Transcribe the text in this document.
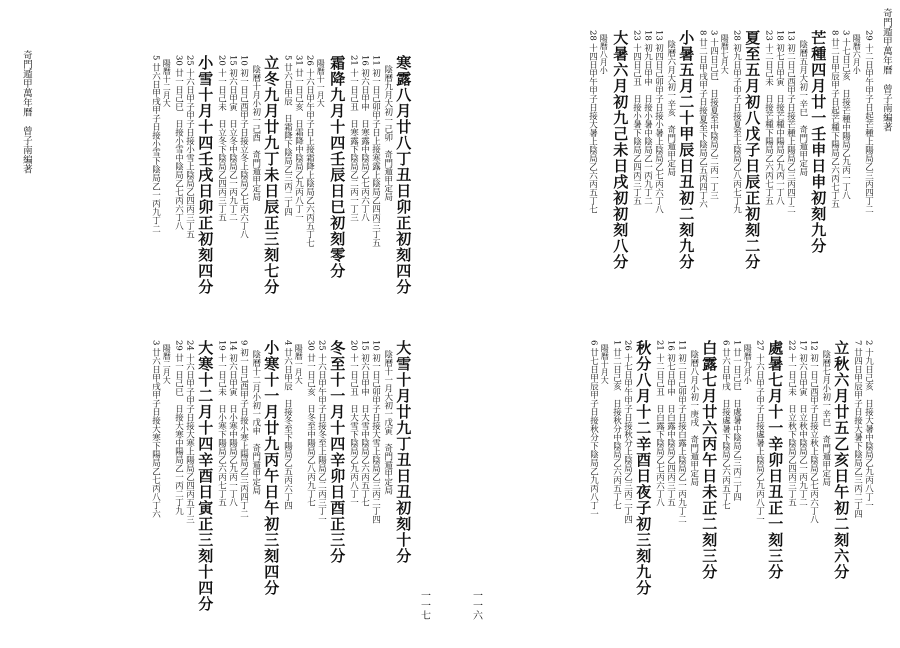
奇門遁甲萬年曆　曾子南編著
一一七
寒露八月廿八丁丑日卯正初刻四分
陰曆九月大初一己卯　奇門遁甲定局
11 初一日己卯甲子日上接寒露上陰局乙四丙三丁五
16 初六日甲申　日寒露中陰局乙七丙六丁八
21 十一日己丑　日寒露下陰局乙二丙一丁三
霜降九月十四壬辰日巳初刻零分
陽曆十一月大
26 十六日甲午甲子日上接霜降上陰局乙六丙五丁七
31 廿一日己亥　日霜降中陰局乙九丙八丁一
5 廿六日甲辰　日霜降下陰局乙三丙二丁四
立冬九月廿九丁未日辰正三刻七分
陰曆十月小初一己酉　奇門遁甲定局
10 初一日己酉甲子日接立冬上陰局乙七丙六丁八
15 初六日甲寅　日立冬中陰局乙一丙九丁二
20 十一日己未　日立冬下陰局乙四丙三丁五
小雪十月十四壬戌日卯正初刻四分
25 十六日甲子甲子日接小雪上陰局乙四丙三丁五
30 廿一日己巳　日接小雪中陰局乙七丙六丁八
陽曆十二月大
5 廿六日甲戌甲子日接小雪下陰局乙一丙九丁二
大雪十月廿九丁丑日丑初刻十分
陰曆十一月大初一戊寅　奇門遁甲定局
10 初一日己卯甲子日接大雪上陰局乙三丙二丁四
15 初六日甲申　日大雪中陰局乙六丙五丁七
20 十一日己丑　日大雪下陰局乙九丙八丁一
冬至十一月十四辛卯日酉正三分
25 十六日甲午甲子日接冬至上陽局乙二丙三丁一
30 廿一日己亥　日冬至中陽局乙八丙九丁七
陽曆一月大
4 廿六日甲辰　日接冬至下陽局乙五丙六丁四
小寒十一月廿九丙午日午初三刻四分
陰曆十二月小初一戊申　奇門遁甲定局
9 初一日己酉甲子日接小寒上陽局乙三丙四丁二
14 初六日甲寅　日小寒中陽局乙九丙一丁八
19 十一日己未　日小寒下陽局乙六丙七丁五
大寒十二月十四辛酉日寅正三刻十四分
24 十六日甲子甲子日接大寒上陽局乙四丙五丁三
29 廿一日己巳　日接大寒中陽局乙一丙二丁九
陽曆二月大
3 廿六日甲戌甲子日接大寒下陽局乙七丙八丁六
奇門遁甲萬年曆　曾子南編著
一一六
29 十二日甲午甲子日起芒種上陽局乙三丙四丁二
陽曆六月小
3 十七日己亥　日接芒種中陽局乙九丙一丁八
8 廿二日甲辰甲子日起芒種下陽局乙六丙七丁五
芒種四月廿一壬申日申初刻九分
陰曆五月大初一辛巳　奇門遁甲定局
13 初二日己酉甲子日接芒種上陽局乙三丙四丁二
18 初七日甲寅　日接芒種中陽局乙九丙一丁八
23 十二日己未　日接芒種下陽局乙六丙七丁五
夏至五月初八戊子日辰正初刻二分
28 初九日甲子甲子日接夏至上陰局乙八丙七丁九
陽曆七月大
3 十四日己巳　日接夏至中陰局乙二丙一丁三
8 廿二日甲戌甲子日接夏至下陰局乙五丙四丁六
小暑五月二十甲辰日丑初二刻九分
陰曆六月大初一辛亥　奇門遁甲定局
13 初四日己卯甲子日接小暑上陰局乙七丙六丁八
18 初九日甲申　日接小暑中陰局乙一丙九丁二
23 十四日己丑　日接小暑下陰局乙四丙三丁五
大暑六月初九己未日戌初初刻八分
陽曆八月小
28 十四日甲午甲子日接大暑上陰局乙六丙五丁七
2 十九日己亥　日接大暑中陰局乙九丙八丁一
7 廿四日甲辰甲子日接大暑下陰局乙三丙二丁四
立秋六月廿五乙亥日午初二刻六分
陰曆七月小初一辛巳　奇門遁甲定局
12 初一日己酉甲子日接立秋上陰局乙七丙六丁八
17 初六日甲寅　日立秋中陰局乙一丙九丁二
22 十一日己未　日立秋下陰局乙四丙三丁五
處暑七月十一辛卯日丑正一刻三分
27 十六日甲子甲子日接處暑上陰局乙九丙八丁一
陽曆九月小
1 廿一日己巳　日處暑中陰局乙三丙二丁四
6 廿六日甲戌　日接處暑下陰局乙六丙五丁七
白露七月廿六丙午日未正二刻三分
陰曆八月小初一庚戌　奇門遁甲定局
11 初二日己卯甲子日接白露上陰局乙一丙九丁二
16 初七日甲申　日白露中陰局乙四丙三丁五
21 十二日己丑　日白露下陰局乙七丙六丁八
秋分八月十二辛酉日夜子初三刻九分
26 十七日甲午甲子日接秋分上陰局乙三丙二丁四
1 廿二日己亥　日接秋分中陰局乙六丙五丁七
陽曆十月大
6 廿七日甲辰甲子日接秋分下陰局乙九丙八丁一
